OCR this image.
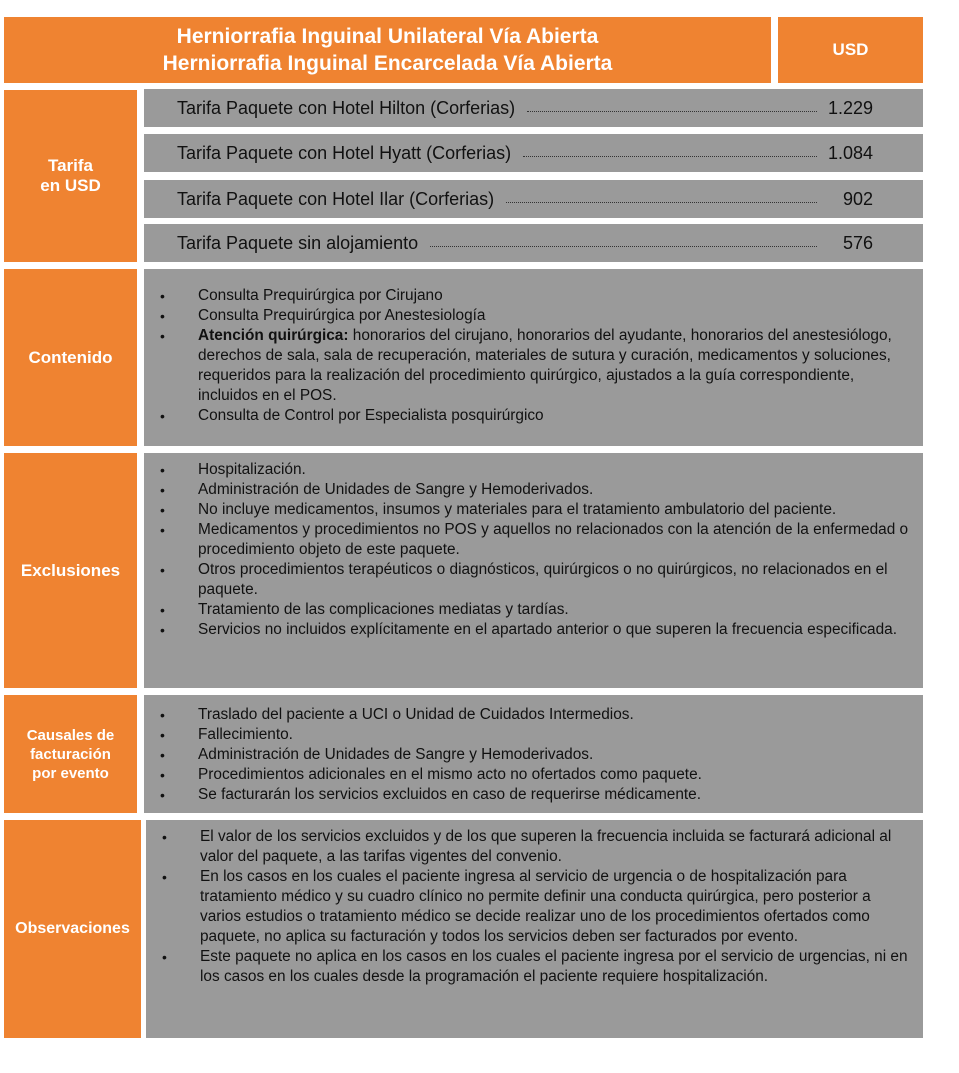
Herniorrafia Inguinal Unilateral Vía Abierta
Herniorrafia Inguinal Encarcelada Vía Abierta
USD
Tarifa
en USD
Tarifa Paquete con Hotel Hilton (Corferias)	1.229
Tarifa Paquete con Hotel Hyatt (Corferias)	1.084
Tarifa Paquete con Hotel Ilar (Corferias)	902
Tarifa Paquete sin alojamiento	576
Contenido
• Consulta Prequirúrgica por Cirujano
• Consulta Prequirúrgica por Anestesiología
• Atención quirúrgica: honorarios del cirujano, honorarios del ayudante, honorarios del anestesiólogo, derechos de sala, sala de recuperación, materiales de sutura y curación, medicamentos y soluciones, requeridos para la realización del procedimiento quirúrgico, ajustados a la guía correspondiente, incluidos en el POS.
• Consulta de Control por Especialista posquirúrgico
Exclusiones
• Hospitalización.
• Administración de Unidades de Sangre y Hemoderivados.
• No incluye medicamentos, insumos y materiales para el tratamiento ambulatorio del paciente.
• Medicamentos y procedimientos no POS y aquellos no relacionados con la atención de la enfermedad o procedimiento objeto de este paquete.
• Otros procedimientos terapéuticos o diagnósticos, quirúrgicos o no quirúrgicos, no relacionados en el paquete.
• Tratamiento de las complicaciones mediatas y tardías.
• Servicios no incluidos explícitamente en el apartado anterior o que superen la frecuencia especificada.
Causales de
facturación
por evento
• Traslado del paciente a UCI o Unidad de Cuidados Intermedios.
• Fallecimiento.
• Administración de Unidades de Sangre y Hemoderivados.
• Procedimientos adicionales en el mismo acto no ofertados como paquete.
• Se facturarán los servicios excluidos en caso de requerirse médicamente.
Observaciones
• El valor de los servicios excluidos y de los que superen la frecuencia incluida se facturará adicional al valor del paquete, a las tarifas vigentes del convenio.
• En los casos en los cuales el paciente ingresa al servicio de urgencia o de hospitalización para tratamiento médico y su cuadro clínico no permite definir una conducta quirúrgica, pero posterior a varios estudios o tratamiento médico se decide realizar uno de los procedimientos ofertados como paquete, no aplica su facturación y todos los servicios deben ser facturados por evento.
• Este paquete no aplica en los casos en los cuales el paciente ingresa por el servicio de urgencias, ni en los casos en los cuales desde la programación el paciente requiere hospitalización.
